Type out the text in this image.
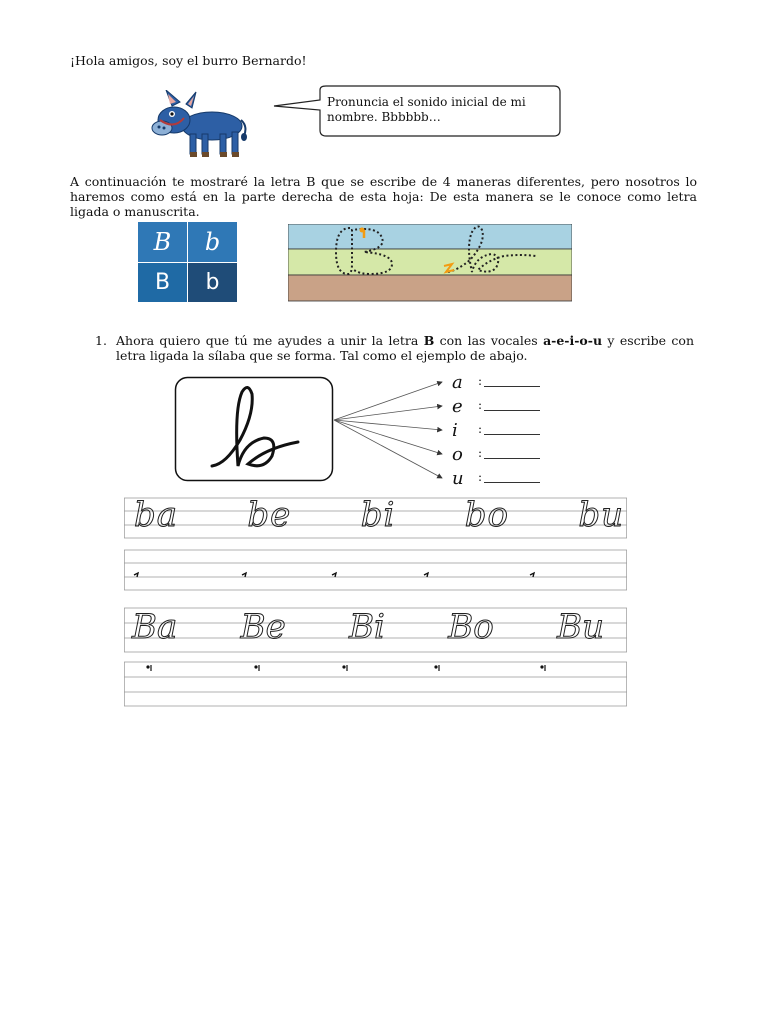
¡Hola amigos, soy el burro Bernardo!
Pronuncia el sonido inicial de mi nombre. Bbbbbb…
A continuación te mostraré la letra B que se escribe de 4 maneras diferentes, pero nosotros lo haremos como está en la parte derecha de esta hoja: De esta manera se le conoce como letra ligada o manuscrita.
B b
B	b
1. Ahora quiero que tú me ayudes a unir la letra B con las vocales a-e-i-o-u y escribe con letra ligada la sílaba que se forma. Tal como el ejemplo de abajo.
a :
e :
i :
o :
u :
ba be bi bo bu
Ba Be Bi Bo Bu
